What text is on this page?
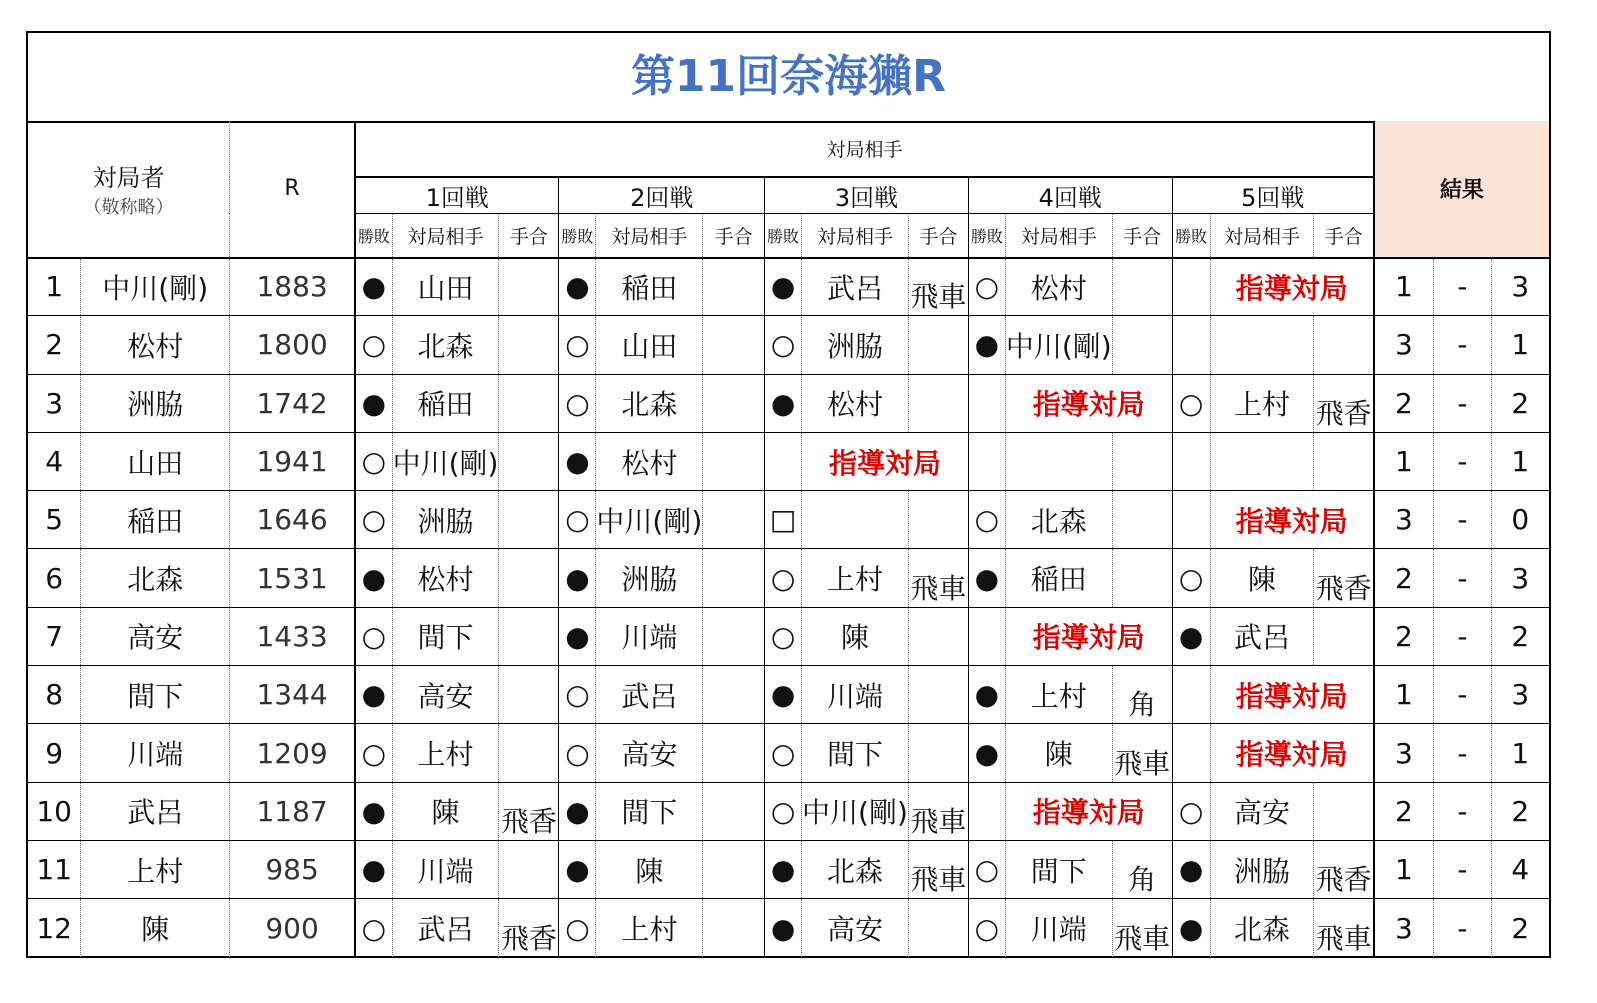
第11回奈海獺R
対局者
（敬称略）		R	対局相手															結果		
			1回戦			2回戦			3回戦			4回戦			5回戦					
			勝敗	対局相手	手合	勝敗	対局相手	手合	勝敗	対局相手	手合	勝敗	対局相手	手合	勝敗	対局相手	手合			
1	中川(剛)	1883	●	山田		●	稲田		●	武呂	飛車	○	松村			指導対局		1	-	3
2	松村	1800	○	北森		○	山田		○	洲脇		●	中川(剛)					3	-	1
3	洲脇	1742	●	稲田		○	北森		●	松村			指導対局		○	上村	飛香	2	-	2
4	山田	1941	○	中川(剛)		●	松村			指導対局								1	-	1
5	稲田	1646	○	洲脇		○	中川(剛)		□			○	北森			指導対局		3	-	0
6	北森	1531	●	松村		●	洲脇		○	上村	飛車	●	稲田		○	陳	飛香	2	-	3
7	高安	1433	○	間下		●	川端		○	陳			指導対局		●	武呂		2	-	2
8	間下	1344	●	高安		○	武呂		●	川端		●	上村	角		指導対局		1	-	3
9	川端	1209	○	上村		○	高安		○	間下		●	陳	飛車		指導対局		3	-	1
10	武呂	1187	●	陳	飛香	●	間下		○	中川(剛)	飛車		指導対局		○	高安		2	-	2
11	上村	985	●	川端		●	陳		●	北森	飛車	○	間下	角	●	洲脇	飛香	1	-	4
12	陳	900	○	武呂	飛香	○	上村		●	高安		○	川端	飛車	●	北森	飛車	3	-	2
